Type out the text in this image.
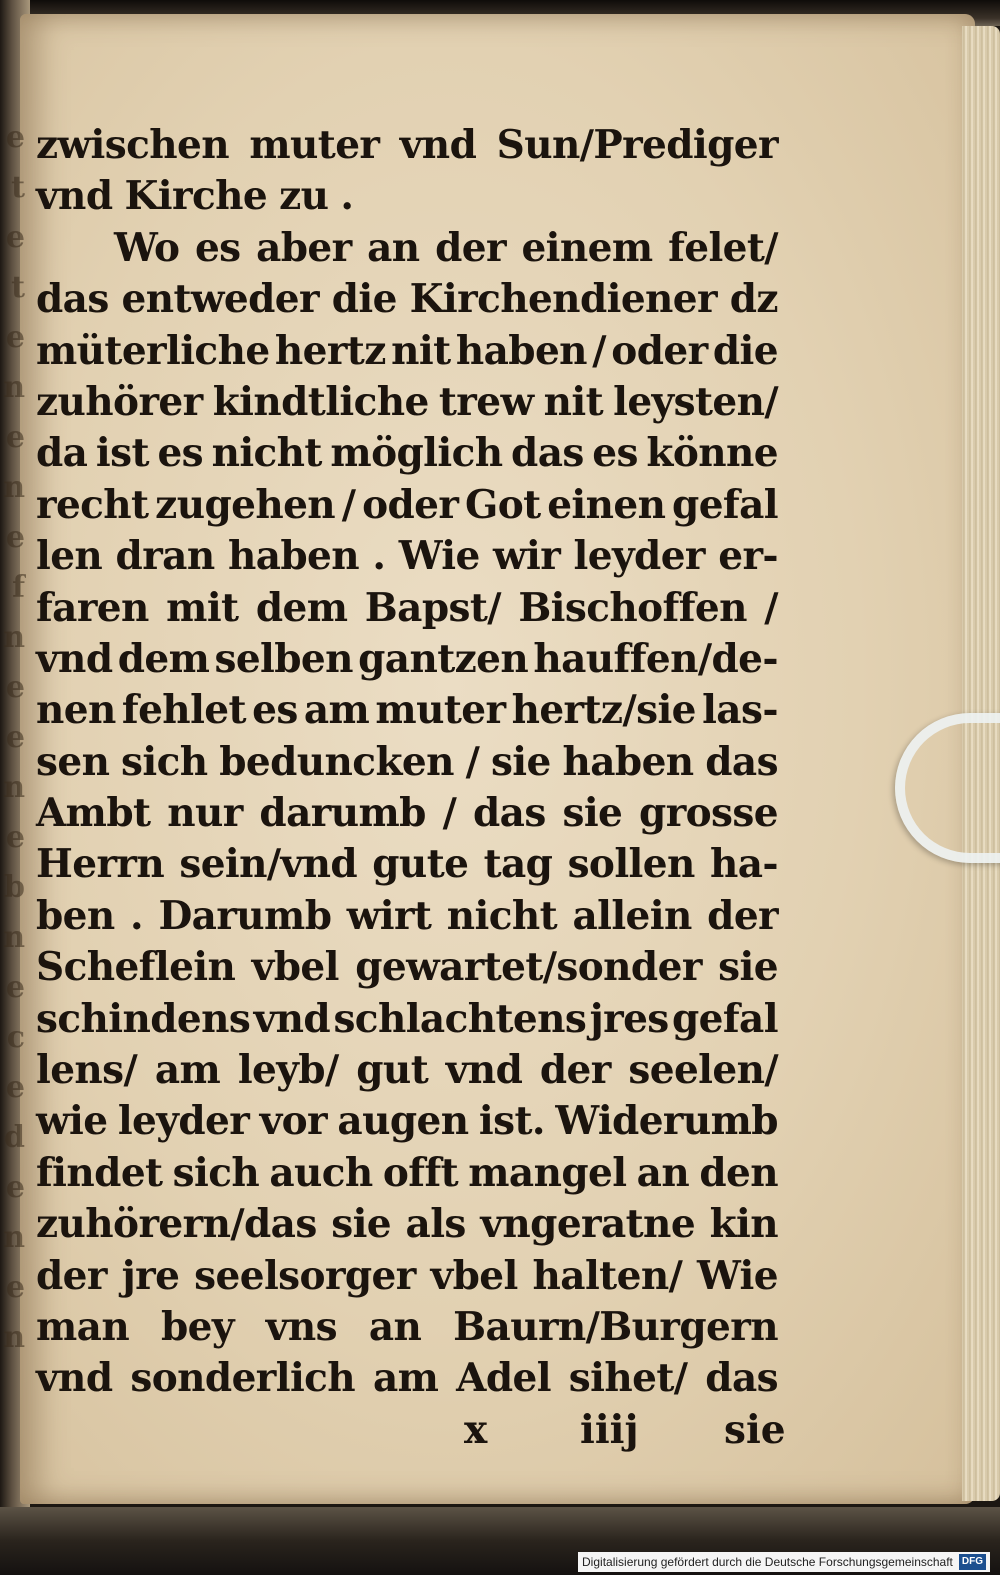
e
t
e
t
e
n
e
n
e
f
n
e
e
n
e
b
n
e
c
e
d
e
n
e
n
zwischen muter vnd Sun/Prediger
vnd Kirche zu .
Wo es aber an der einem felet/
das entweder die Kirchendiener dz
müterliche hertz nit haben / oder die
zuhörer kindtliche trew nit leysten/
da ist es nicht möglich das es könne
recht zugehen / oder Got einen gefal
len dran haben . Wie wir leyder er-
faren mit dem Bapst/ Bischoffen /
vnd dem selben gantzen hauffen/de-
nen fehlet es am muter hertz/sie las-
sen sich beduncken / sie haben das
Ambt nur darumb / das sie grosse
Herrn sein/vnd gute tag sollen ha-
ben . Darumb wirt nicht allein der
Scheflein vbel gewartet/sonder sie
schindens vnd schlachtens jres gefal
lens/ am leyb/ gut vnd der seelen/
wie leyder vor augen ist. Widerumb
findet sich auch offt mangel an den
zuhörern/das sie als vngeratne kin
der jre seelsorger vbel halten/ Wie
man bey vns an Baurn/Burgern
vnd sonderlich am Adel sihet/ das
x iiij sie
Digitalisierung gefördert durch die Deutsche Forschungsgemeinschaft DFG
